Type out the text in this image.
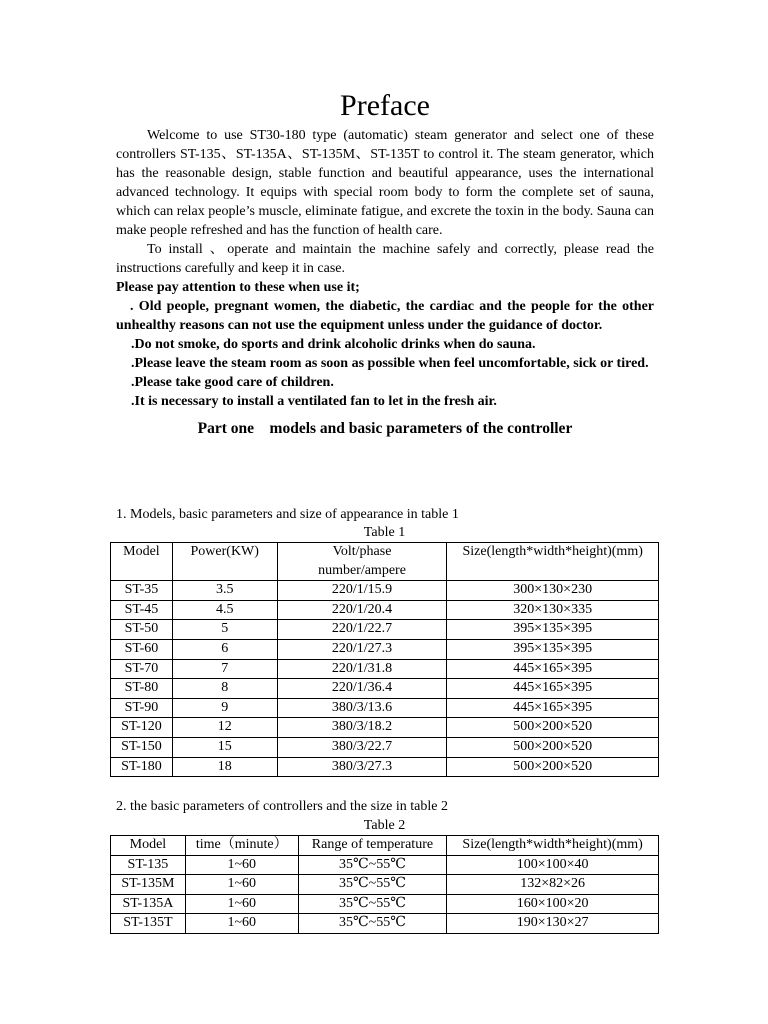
Preface

Welcome to use ST30-180 type (automatic) steam generator and select one of these controllers ST-135、ST-135A、ST-135M、ST-135T to control it. The steam generator, which has the reasonable design, stable function and beautiful appearance, uses the international advanced technology. It equips with special room body to form the complete set of sauna, which can relax people’s muscle, eliminate fatigue, and excrete the toxin in the body. Sauna can make people refreshed and has the function of health care.

To install 、operate and maintain the machine safely and correctly, please read the instructions carefully and keep it in case.

Please pay attention to these when use it;

. Old people, pregnant women, the diabetic, the cardiac and the people for the other unhealthy reasons can not use the equipment unless under the guidance of doctor.

.Do not smoke, do sports and drink alcoholic drinks when do sauna.

.Please leave the steam room as soon as possible when feel uncomfortable, sick or tired.

.Please take good care of children.

.It is necessary to install a ventilated fan to let in the fresh air.

Part one    models and basic parameters of the controller
1. Models, basic parameters and size of appearance in table 1
Table 1
Model	Power(KW)	Volt/phase number/ampere	Size(length*width*height)(mm)
ST-35	3.5	220/1/15.9	300×130×230
ST-45	4.5	220/1/20.4	320×130×335
ST-50	5	220/1/22.7	395×135×395
ST-60	6	220/1/27.3	395×135×395
ST-70	7	220/1/31.8	445×165×395
ST-80	8	220/1/36.4	445×165×395
ST-90	9	380/3/13.6	445×165×395
ST-120	12	380/3/18.2	500×200×520
ST-150	15	380/3/22.7	500×200×520
ST-180	18	380/3/27.3	500×200×520
2. the basic parameters of controllers and the size in table 2
Table 2
Model	time（minute）	Range of temperature	Size(length*width*height)(mm)
ST-135	1~60	35℃~55℃	100×100×40
ST-135M	1~60	35℃~55℃	132×82×26
ST-135A	1~60	35℃~55℃	160×100×20
ST-135T	1~60	35℃~55℃	190×130×27
